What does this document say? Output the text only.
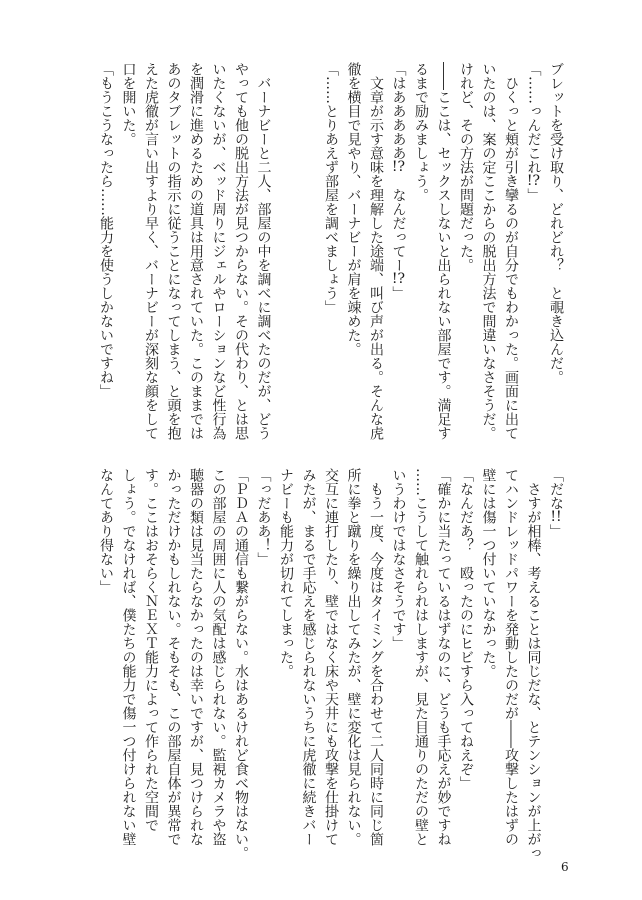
ブレットを受け取り、どれどれ？　と覗き込んだ。
「……っんだこれ!?」
　ひくっと頬が引き攣るのが自分でもわかった。画面に出て
いたのは、案の定ここからの脱出方法で間違いなさそうだ。
けれど、その方法が問題だった。
――ここは、セックスしないと出られない部屋です。満足す
るまで励みましょう。
「はあああああ!?　なんだってー!?」
　文章が示す意味を理解した途端、叫び声が出る。そんな虎
徹を横目で見やり、バーナビーが肩を竦めた。
「……とりあえず部屋を調べましょう」
　バーナビーと二人、部屋の中を調べに調べたのだが、どう
やっても他の脱出方法が見つからない。その代わり、とは思
いたくないが、ベッド周りにジェルやローションなど性行為
を潤滑に進めるための道具は用意されていた。このままでは
あのタブレットの指示に従うことになってしまう、と頭を抱
えた虎徹が言い出すより早く、バーナビーが深刻な顔をして
口を開いた。
「もうこうなったら……能力を使うしかないですね」
「だな!!」
　さすが相棒、考えることは同じだな、とテンションが上がっ
てハンドレッドパワーを発動したのだが――攻撃したはずの
壁には傷一つ付いていなかった。
「なんだあ？　殴ったのにヒビすら入ってねえぞ」
「確かに当たっているはずなのに、どうも手応えが妙ですね
……こうして触れられはしますが、見た目通りのただの壁と
いうわけではなさそうです」
　もう一度、今度はタイミングを合わせて二人同時に同じ箇
所に拳と蹴りを繰り出してみたが、壁に変化は見られない。
交互に連打したり、壁ではなく床や天井にも攻撃を仕掛けて
みたが、まるで手応えを感じられないうちに虎徹に続きバー
ナビーも能力が切れてしまった。
「っだああ！」
「ＰＤＡの通信も繋がらない。水はあるけれど食べ物はない。
この部屋の周囲に人の気配は感じられない。監視カメラや盗
聴器の類は見当たらなかったのは幸いですが、見つけられな
かっただけかもしれない。そもそも、この部屋自体が異常で
す。ここはおそらくＮＥＸＴ能力によって作られた空間で
しょう。でなければ、僕たちの能力で傷一つ付けられない壁
なんてあり得ない」
6
